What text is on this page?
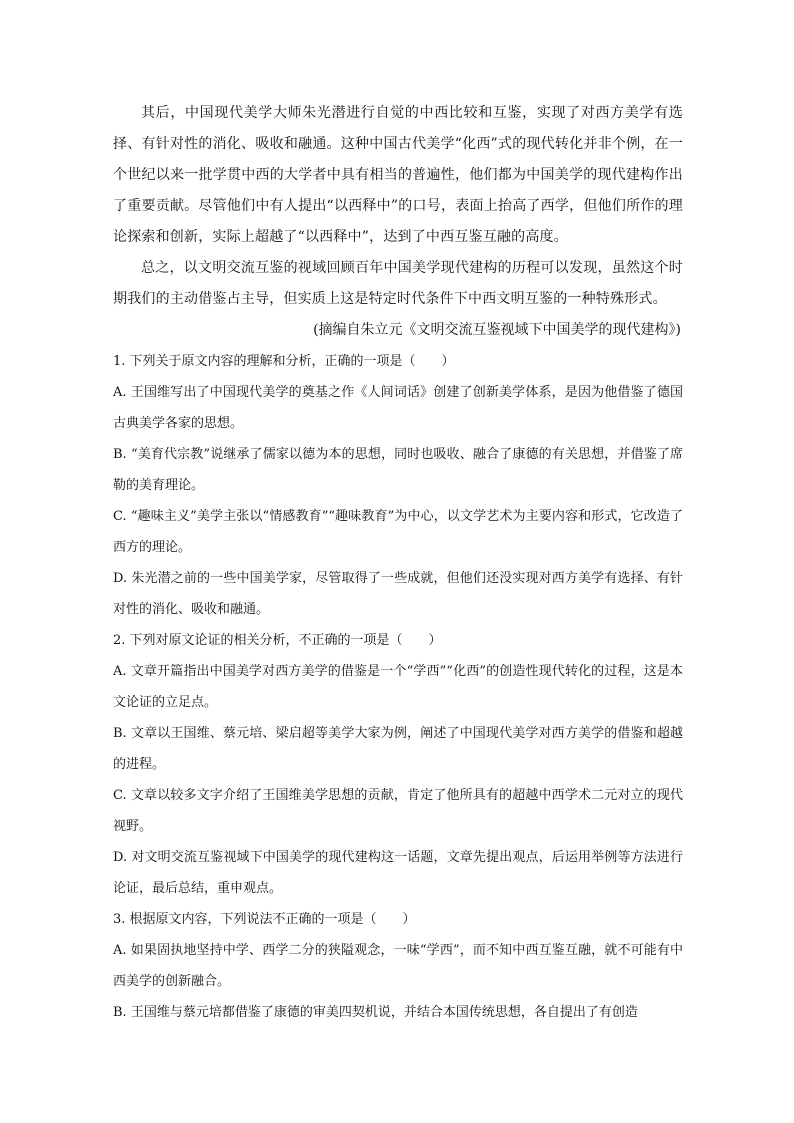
其后，中国现代美学大师朱光潜进行自觉的中西比较和互鉴，实现了对西方美学有选择、有针对性的消化、吸收和融通。这种中国古代美学“化西”式的现代转化并非个例，在一个世纪以来一批学贯中西的大学者中具有相当的普遍性，他们都为中国美学的现代建构作出了重要贡献。尽管他们中有人提出“以西释中”的口号，表面上抬高了西学，但他们所作的理论探索和创新，实际上超越了“以西释中”，达到了中西互鉴互融的高度。

总之，以文明交流互鉴的视域回顾百年中国美学现代建构的历程可以发现，虽然这个时期我们的主动借鉴占主导，但实质上这是特定时代条件下中西文明互鉴的一种特殊形式。

(摘编自朱立元《文明交流互鉴视域下中国美学的现代建构》)

1. 下列关于原文内容的理解和分析，正确的一项是（　　）

A. 王国维写出了中国现代美学的奠基之作《人间词话》创建了创新美学体系，是因为他借鉴了德国古典美学各家的思想。

B. “美育代宗教”说继承了儒家以德为本的思想，同时也吸收、融合了康德的有关思想，并借鉴了席勒的美育理论。

C. “趣味主义”美学主张以“情感教育”“趣味教育”为中心，以文学艺术为主要内容和形式，它改造了西方的理论。

D. 朱光潜之前的一些中国美学家，尽管取得了一些成就，但他们还没实现对西方美学有选择、有针对性的消化、吸收和融通。

2. 下列对原文论证的相关分析，不正确的一项是（　　）

A. 文章开篇指出中国美学对西方美学的借鉴是一个“学西”“化西”的创造性现代转化的过程，这是本文论证的立足点。

B. 文章以王国维、蔡元培、梁启超等美学大家为例，阐述了中国现代美学对西方美学的借鉴和超越的进程。

C. 文章以较多文字介绍了王国维美学思想的贡献，肯定了他所具有的超越中西学术二元对立的现代视野。

D. 对文明交流互鉴视域下中国美学的现代建构这一话题，文章先提出观点，后运用举例等方法进行论证，最后总结，重申观点。

3. 根据原文内容，下列说法不正确的一项是（　　）

A. 如果固执地坚持中学、西学二分的狭隘观念，一味“学西”，而不知中西互鉴互融，就不可能有中西美学的创新融合。

B. 王国维与蔡元培都借鉴了康德的审美四契机说，并结合本国传统思想，各自提出了有创造
